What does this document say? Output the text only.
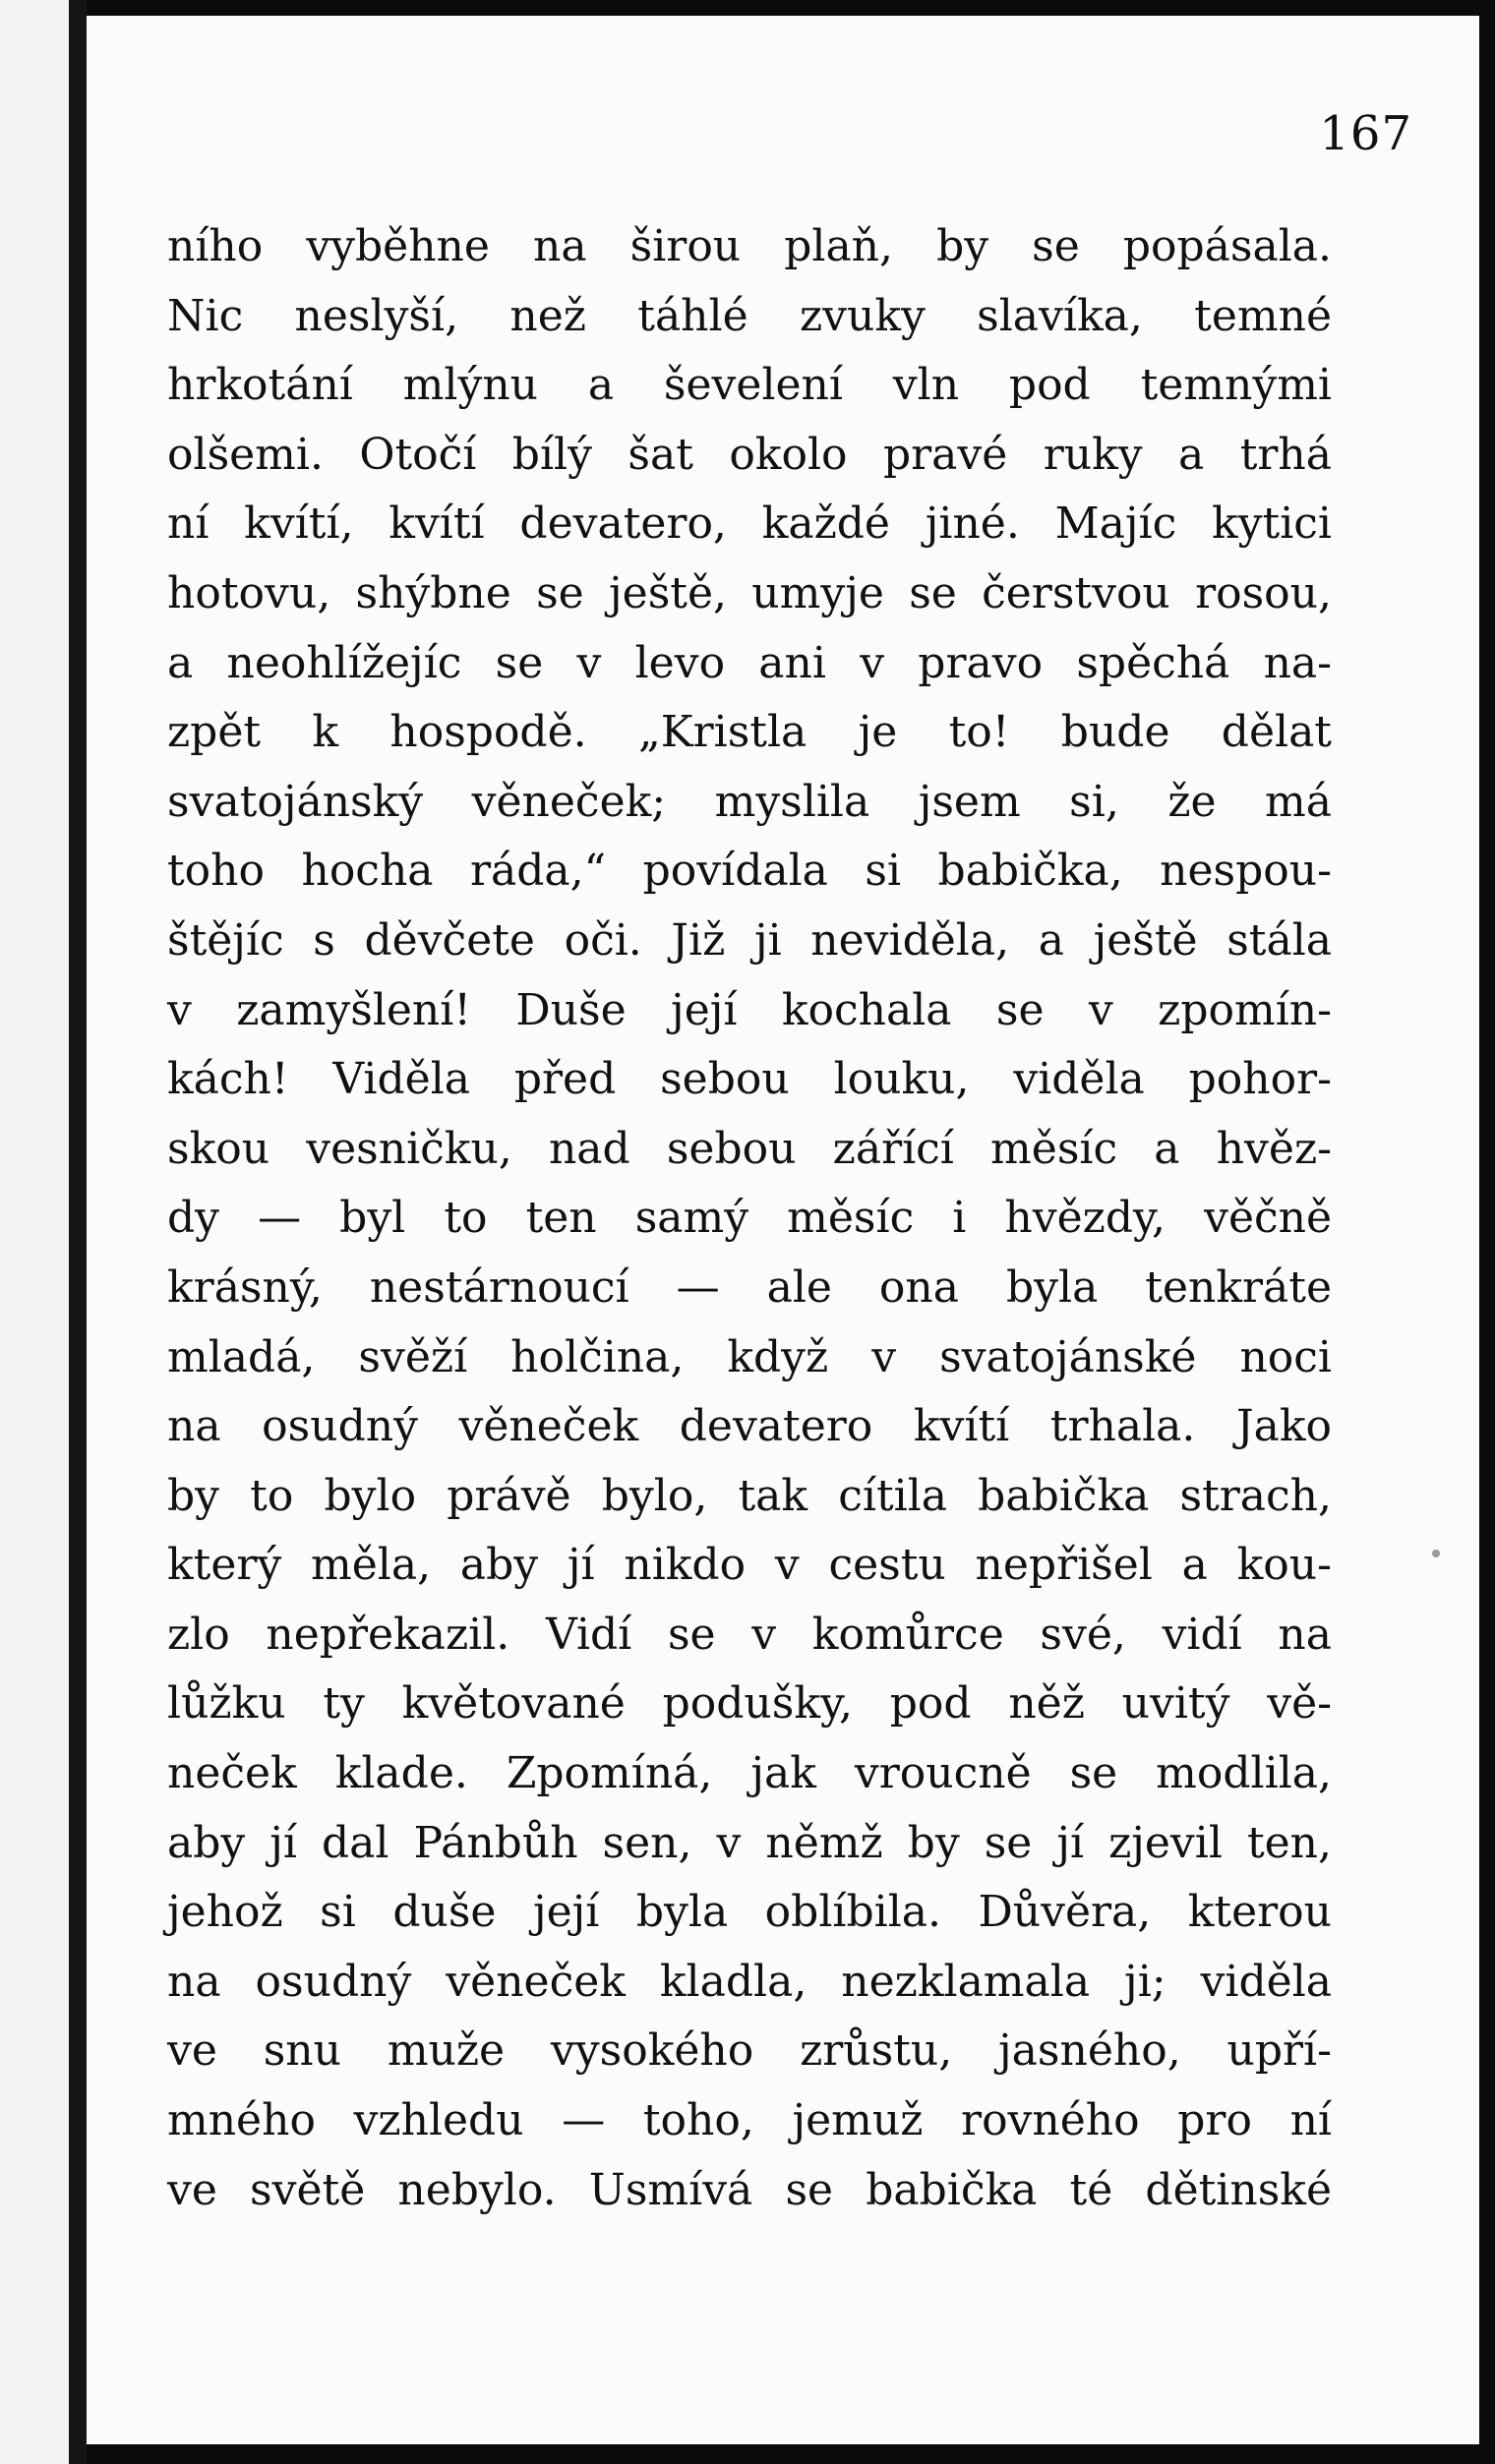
167
ního vyběhne na širou plaň, by se popásala.
Nic neslyší, než táhlé zvuky slavíka, temné
hrkotání mlýnu a ševelení vln pod temnými
olšemi. Otočí bílý šat okolo pravé ruky a trhá
ní kvítí, kvítí devatero, každé jiné. Majíc kytici
hotovu, shýbne se ještě, umyje se čerstvou rosou,
a neohlížejíc se v levo ani v pravo spěchá na-
zpět k hospodě. „Kristla je to! bude dělat
svatojánský věneček; myslila jsem si, že má
toho hocha ráda,“ povídala si babička, nespou-
štějíc s děvčete oči. Již ji neviděla, a ještě stála
v zamyšlení! Duše její kochala se v zpomín-
kách! Viděla před sebou louku, viděla pohor-
skou vesničku, nad sebou zářící měsíc a hvěz-
dy — byl to ten samý měsíc i hvězdy, věčně
krásný, nestárnoucí — ale ona byla tenkráte
mladá, svěží holčina, když v svatojánské noci
na osudný věneček devatero kvítí trhala. Jako
by to bylo právě bylo, tak cítila babička strach,
který měla, aby jí nikdo v cestu nepřišel a kou-
zlo nepřekazil. Vidí se v komůrce své, vidí na
lůžku ty květované podušky, pod něž uvitý vě-
neček klade. Zpomíná, jak vroucně se modlila,
aby jí dal Pánbůh sen, v němž by se jí zjevil ten,
jehož si duše její byla oblíbila. Důvěra, kterou
na osudný věneček kladla, nezklamala ji; viděla
ve snu muže vysokého zrůstu, jasného, upří-
mného vzhledu — toho, jemuž rovného pro ní
ve světě nebylo. Usmívá se babička té dětinské
